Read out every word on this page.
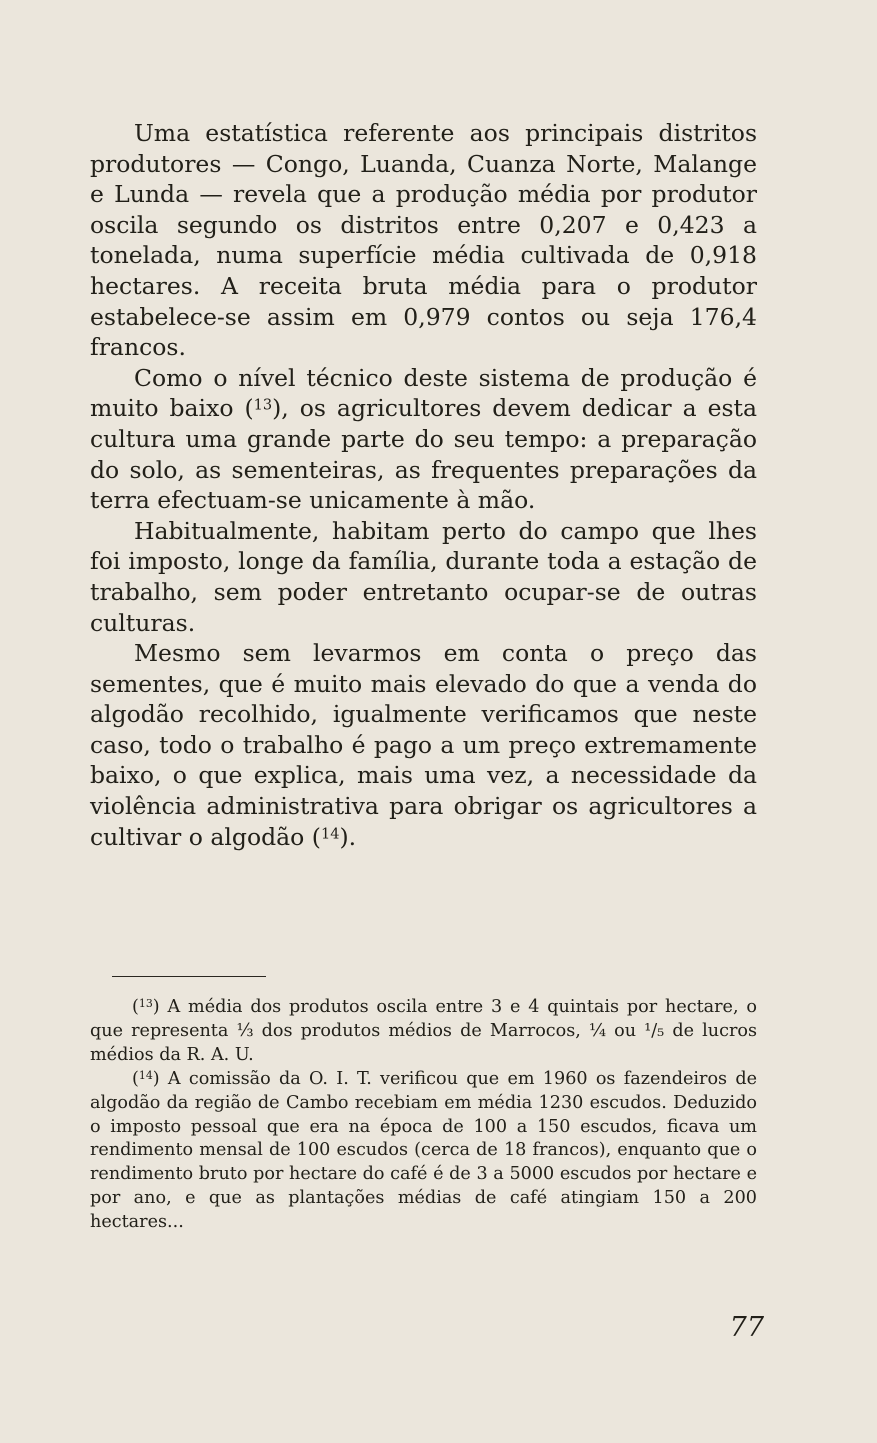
Uma estatística referente aos principais distritos produtores — Congo, Luanda, Cuanza Norte, Malange e Lunda — revela que a produção média por produtor oscila segundo os distritos entre 0,207 e 0,423 a tonelada, numa superfície média cultivada de 0,918 hectares. A receita bruta média para o produtor estabelece-se assim em 0,979 contos ou seja 176,4 francos.

Como o nível técnico deste sistema de produção é muito baixo ($^{13}$), os agricultores devem dedicar a esta cultura uma grande parte do seu tempo: a preparação do solo, as sementeiras, as frequentes preparações da terra efectuam-se unicamente à mão.

Habitualmente, habitam perto do campo que lhes foi imposto, longe da família, durante toda a estação de trabalho, sem poder entretanto ocupar-se de outras culturas.

Mesmo sem levarmos em conta o preço das sementes, que é muito mais elevado do que a venda do algodão recolhido, igualmente verificamos que neste caso, todo o trabalho é pago a um preço extremamente baixo, o que explica, mais uma vez, a necessidade da violência administrativa para obrigar os agricultores a cultivar o algodão ($^{14}$).

($^{13}$) A média dos produtos oscila entre 3 e 4 quintais por hectare, o que representa ⅓ dos produtos médios de Marrocos, ¼ ou ¹/₅ de lucros médios da R. A. U.

($^{14}$) A comissão da O. I. T. verificou que em 1960 os fazendeiros de algodão da região de Cambo recebiam em média 1230 escudos. Deduzido o imposto pessoal que era na época de 100 a 150 escudos, ficava um rendimento mensal de 100 escudos (cerca de 18 francos), enquanto que o rendimento bruto por hectare do café é de 3 a 5000 escudos por hectare e por ano, e que as plantações médias de café atingiam 150 a 200 hectares...

77
